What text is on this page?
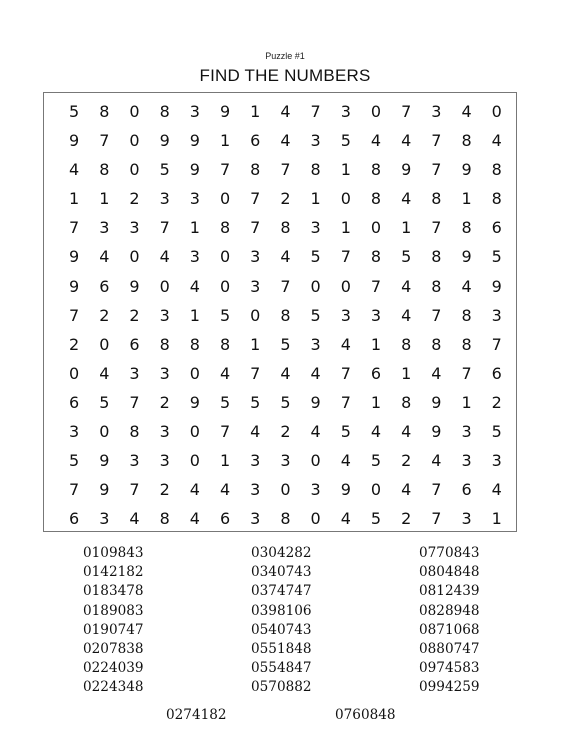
Puzzle #1
FIND THE NUMBERS
5	8	0	8	3	9	1	4	7	3	0	7	3	4	0
9	7	0	9	9	1	6	4	3	5	4	4	7	8	4
4	8	0	5	9	7	8	7	8	1	8	9	7	9	8
1	1	2	3	3	0	7	2	1	0	8	4	8	1	8
7	3	3	7	1	8	7	8	3	1	0	1	7	8	6
9	4	0	4	3	0	3	4	5	7	8	5	8	9	5
9	6	9	0	4	0	3	7	0	0	7	4	8	4	9
7	2	2	3	1	5	0	8	5	3	3	4	7	8	3
2	0	6	8	8	8	1	5	3	4	1	8	8	8	7
0	4	3	3	0	4	7	4	4	7	6	1	4	7	6
6	5	7	2	9	5	5	5	9	7	1	8	9	1	2
3	0	8	3	0	7	4	2	4	5	4	4	9	3	5
5	9	3	3	0	1	3	3	0	4	5	2	4	3	3
7	9	7	2	4	4	3	0	3	9	0	4	7	6	4
6	3	4	8	4	6	3	8	0	4	5	2	7	3	1
0109843
0142182
0183478
0189083
0190747
0207838
0224039
0224348
0304282
0340743
0374747
0398106
0540743
0551848
0554847
0570882
0770843
0804848
0812439
0828948
0871068
0880747
0974583
0994259
0274182	0760848
